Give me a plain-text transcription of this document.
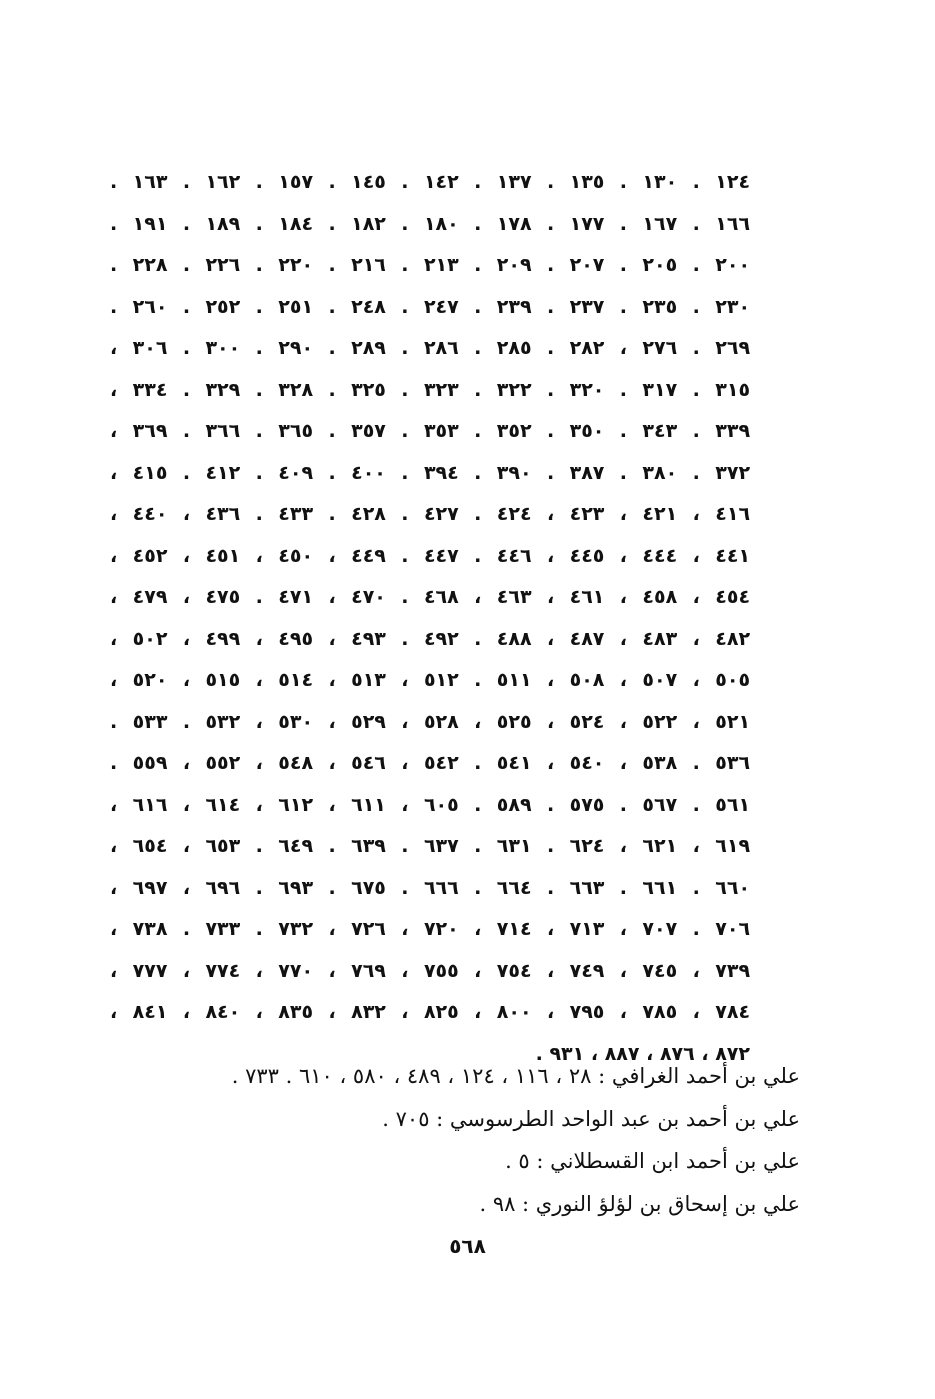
١٢٤ . ١٣٠ . ١٣٥ . ١٣٧ . ١٤٢ . ١٤٥ . ١٥٧ . ١٦٢ . ١٦٣ .
١٦٦ . ١٦٧ . ١٧٧ . ١٧٨ . ١٨٠ . ١٨٢ . ١٨٤ . ١٨٩ . ١٩١ .
٢٠٠ . ٢٠٥ . ٢٠٧ . ٢٠٩ . ٢١٣ . ٢١٦ . ٢٢٠ . ٢٢٦ . ٢٢٨ .
٢٣٠ . ٢٣٥ . ٢٣٧ . ٢٣٩ . ٢٤٧ . ٢٤٨ . ٢٥١ . ٢٥٢ . ٢٦٠ .
٢٦٩ . ٢٧٦ ، ٢٨٢ . ٢٨٥ . ٢٨٦ . ٢٨٩ . ٢٩٠ . ٣٠٠ . ٣٠٦ ،
٣١٥ . ٣١٧ . ٣٢٠ . ٣٢٢ . ٣٢٣ . ٣٢٥ . ٣٢٨ . ٣٢٩ . ٣٣٤ ،
٣٣٩ . ٣٤٣ . ٣٥٠ . ٣٥٢ . ٣٥٣ . ٣٥٧ . ٣٦٥ . ٣٦٦ . ٣٦٩ ،
٣٧٢ . ٣٨٠ . ٣٨٧ . ٣٩٠ . ٣٩٤ . ٤٠٠ . ٤٠٩ . ٤١٢ . ٤١٥ ،
٤١٦ ، ٤٢١ ، ٤٢٣ ، ٤٢٤ . ٤٢٧ . ٤٢٨ . ٤٣٣ . ٤٣٦ ، ٤٤٠ ،
٤٤١ ، ٤٤٤ ، ٤٤٥ ، ٤٤٦ . ٤٤٧ . ٤٤٩ ، ٤٥٠ ، ٤٥١ ، ٤٥٢ ،
٤٥٤ ، ٤٥٨ ، ٤٦١ ، ٤٦٣ ، ٤٦٨ . ٤٧٠ ، ٤٧١ . ٤٧٥ ، ٤٧٩ ،
٤٨٢ ، ٤٨٣ ، ٤٨٧ ، ٤٨٨ . ٤٩٢ . ٤٩٣ ، ٤٩٥ ، ٤٩٩ ، ٥٠٢ ،
٥٠٥ ، ٥٠٧ ، ٥٠٨ ، ٥١١ . ٥١٢ ، ٥١٣ ، ٥١٤ ، ٥١٥ ، ٥٢٠ ،
٥٢١ ، ٥٢٢ ، ٥٢٤ ، ٥٢٥ ، ٥٢٨ ، ٥٢٩ ، ٥٣٠ ، ٥٣٢ . ٥٣٣ .
٥٣٦ . ٥٣٨ ، ٥٤٠ ، ٥٤١ . ٥٤٢ ، ٥٤٦ ، ٥٤٨ ، ٥٥٢ ، ٥٥٩ .
٥٦١ . ٥٦٧ . ٥٧٥ . ٥٨٩ . ٦٠٥ ، ٦١١ ، ٦١٢ ، ٦١٤ ، ٦١٦ ،
٦١٩ ، ٦٢١ ، ٦٢٤ . ٦٣١ . ٦٣٧ . ٦٣٩ . ٦٤٩ . ٦٥٣ ، ٦٥٤ ،
٦٦٠ . ٦٦١ . ٦٦٣ . ٦٦٤ . ٦٦٦ . ٦٧٥ . ٦٩٣ . ٦٩٦ ، ٦٩٧ ،
٧٠٦ . ٧٠٧ ، ٧١٣ ، ٧١٤ ، ٧٢٠ ، ٧٢٦ ، ٧٣٢ . ٧٣٣ . ٧٣٨ ،
٧٣٩ ، ٧٤٥ ، ٧٤٩ ، ٧٥٤ ، ٧٥٥ ، ٧٦٩ ، ٧٧٠ ، ٧٧٤ ، ٧٧٧ ،
٧٨٤ ، ٧٨٥ ، ٧٩٥ ، ٨٠٠ ، ٨٢٥ ، ٨٣٢ ، ٨٣٥ ، ٨٤٠ ، ٨٤١ ،
٨٧٢ ، ٨٧٦ ، ٨٨٧ ، ٩٣١ .
علي بن أحمد الغرافي : ٢٨ ، ١١٦ ، ١٢٤ ، ٤٨٩ ، ٥٨٠ ، ٦١٠ . ٧٣٣ .
علي بن أحمد بن عبد الواحد الطرسوسي : ٧٠٥ .
علي بن أحمد ابن القسطلاني : ٥ .
علي بن إسحاق بن لؤلؤ النوري : ٩٨ .
٥٦٨
